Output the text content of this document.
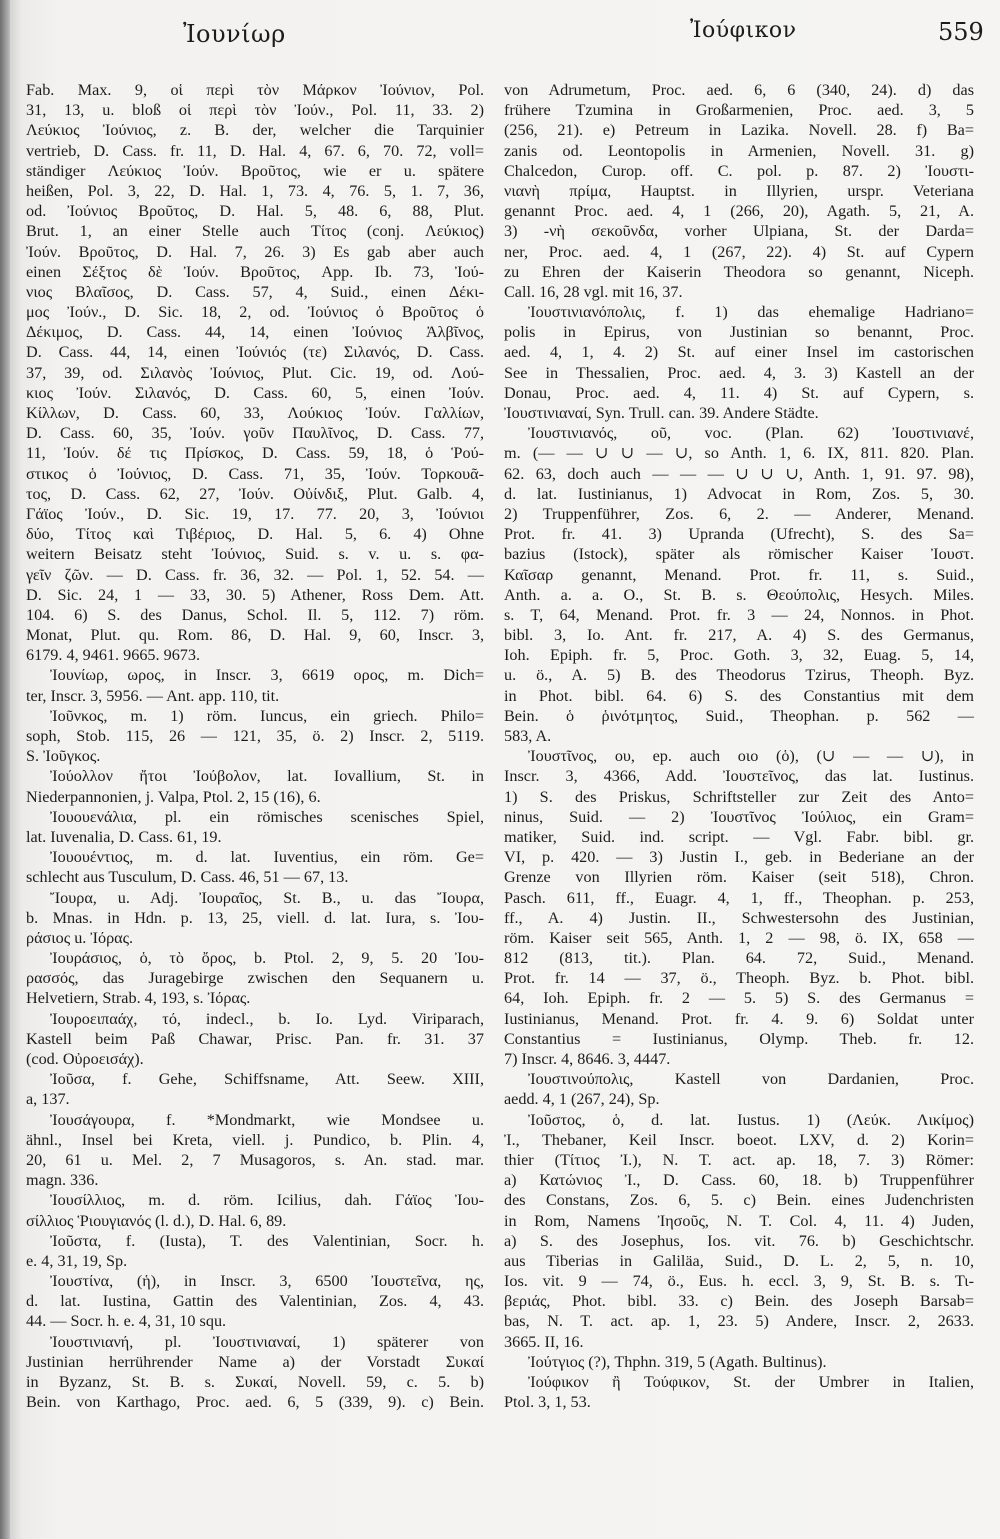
Ἰουνίωρ	Ἰούφικον	559
Fab. Max. 9, οἱ περὶ τὸν Μάρκον Ἰούνιον, Pol.
31, 13, u. bloß οἱ περὶ τὸν Ἰούν., Pol. 11, 33. 2)
Λεύκιος Ἰούνιος, z. B. der, welcher die Tarquinier
vertrieb, D. Cass. fr. 11, D. Hal. 4, 67. 6, 70. 72, voll=
ständiger Λεύκιος Ἰούν. Βροῦτος, wie er u. spätere
heißen, Pol. 3, 22, D. Hal. 1, 73. 4, 76. 5, 1. 7, 36,
od. Ἰούνιος Βροῦτος, D. Hal. 5, 48. 6, 88, Plut.
Brut. 1, an einer Stelle auch Τίτος (conj. Λεύκιος)
Ἰούν. Βροῦτος, D. Hal. 7, 26. 3) Es gab aber auch
einen Σέξτος δὲ Ἰούν. Βροῦτος, App. Ib. 73, Ἰού-
νιος Βλαῖσος, D. Cass. 57, 4, Suid., einen Δέκι-
μος Ἰούν., D. Sic. 18, 2, od. Ἰούνιος ὁ Βροῦτος ὁ
Δέκιμος, D. Cass. 44, 14, einen Ἰούνιος Ἀλβῖνος,
D. Cass. 44, 14, einen Ἰούνιός (τε) Σιλανός, D. Cass.
37, 39, od. Σιλανὸς Ἰούνιος, Plut. Cic. 19, od. Λού-
κιος Ἰούν. Σιλανός, D. Cass. 60, 5, einen Ἰούν.
Κίλλων, D. Cass. 60, 33, Λούκιος Ἰούν. Γαλλίων,
D. Cass. 60, 35, Ἰούν. γοῦν Παυλῖνος, D. Cass. 77,
11, Ἰούν. δέ τις Πρίσκος, D. Cass. 59, 18, ὁ Ῥού-
στικος ὁ Ἰούνιος, D. Cass. 71, 35, Ἰούν. Τορκουᾶ-
τος, D. Cass. 62, 27, Ἰούν. Οὐίνδιξ, Plut. Galb. 4,
Γάϊος Ἰούν., D. Sic. 19, 17. 77. 20, 3, Ἰούνιοι
δύο, Τίτος καὶ Τιβέριος, D. Hal. 5, 6. 4) Ohne
weitern Beisatz steht Ἰούνιος, Suid. s. v. u. s. φα-
γεῖν ζῶν. — D. Cass. fr. 36, 32. — Pol. 1, 52. 54. —
D. Sic. 24, 1 — 33, 30. 5) Athener, Ross Dem. Att.
104. 6) S. des Danus, Schol. Il. 5, 112. 7) röm.
Monat, Plut. qu. Rom. 86, D. Hal. 9, 60, Inscr. 3,
6179. 4, 9461. 9665. 9673.
Ἰουνίωρ, ωρος, in Inscr. 3, 6619 ορος, m. Dich=
ter, Inscr. 3, 5956. — Ant. app. 110, tit.
Ἰοῦνκος, m. 1) röm. Iuncus, ein griech. Philo=
soph, Stob. 115, 26 — 121, 35, ö. 2) Inscr. 2, 5119.
S. Ἰοῦγκος.
Ἰούολλον ἤτοι Ἰούβολον, lat. Iovallium, St. in
Niederpannonien, j. Valpa, Ptol. 2, 15 (16), 6.
Ἰουουενάλια, pl. ein römisches scenisches Spiel,
lat. Iuvenalia, D. Cass. 61, 19.
Ἰουουέντιος, m. d. lat. Iuventius, ein röm. Ge=
schlecht aus Tusculum, D. Cass. 46, 51 — 67, 13.
Ἴουρα, u. Adj. Ἰουραῖος, St. B., u. das Ἴουρα,
b. Mnas. in Hdn. p. 13, 25, viell. d. lat. Iura, s. Ἰου-
ράσιος u. Ἰόρας.
Ἰουράσιος, ὁ, τὸ ὄρος, b. Ptol. 2, 9, 5. 20 Ἰου-
ρασσός, das Juragebirge zwischen den Sequanern u.
Helvetiern, Strab. 4, 193, s. Ἰόρας.
Ἰουροειπαάχ, τό, indecl., b. Io. Lyd. Viriparach,
Kastell beim Paß Chawar, Prisc. Pan. fr. 31. 37
(cod. Οὐροεισάχ).
Ἰοῦσα, f. Gehe, Schiffsname, Att. Seew. XIII,
a, 137.
Ἰουσάγουρα, f. *Mondmarkt, wie Mondsee u.
ähnl., Insel bei Kreta, viell. j. Pundico, b. Plin. 4,
20, 61 u. Mel. 2, 7 Musagoros, s. An. stad. mar.
magn. 336.
Ἰουσίλλιος, m. d. röm. Icilius, dah. Γάϊος Ἰου-
σίλλιος Ῥιουγιανός (l. d.), D. Hal. 6, 89.
Ἰοῦστα, f. (Iusta), T. des Valentinian, Socr. h.
e. 4, 31, 19, Sp.
Ἰουστίνα, (ἡ), in Inscr. 3, 6500 Ἰουστεῖνα, ης,
d. lat. Iustina, Gattin des Valentinian, Zos. 4, 43.
44. — Socr. h. e. 4, 31, 10 squ.
Ἰουστινιανή, pl. Ἰουστινιαναί, 1) späterer von
Justinian herrührender Name a) der Vorstadt Συκαί
in Byzanz, St. B. s. Συκαί, Novell. 59, c. 5. b)
Bein. von Karthago, Proc. aed. 6, 5 (339, 9). c) Bein.
von Adrumetum, Proc. aed. 6, 6 (340, 24). d) das
frühere Tzumina in Großarmenien, Proc. aed. 3, 5
(256, 21). e) Petreum in Lazika. Novell. 28. f) Ba=
zanis od. Leontopolis in Armenien, Novell. 31. g)
Chalcedon, Curop. off. C. pol. p. 87. 2) Ἰουστι-
νιανὴ πρίμα, Hauptst. in Illyrien, urspr. Veteriana
genannt Proc. aed. 4, 1 (266, 20), Agath. 5, 21, A.
3) -νὴ σεκοῦνδα, vorher Ulpiana, St. der Darda=
ner, Proc. aed. 4, 1 (267, 22). 4) St. auf Cypern
zu Ehren der Kaiserin Theodora so genannt, Niceph.
Call. 16, 28 vgl. mit 16, 37.
Ἰουστινιανόπολις, f. 1) das ehemalige Hadriano=
polis in Epirus, von Justinian so benannt, Proc.
aed. 4, 1, 4. 2) St. auf einer Insel im castorischen
See in Thessalien, Proc. aed. 4, 3. 3) Kastell an der
Donau, Proc. aed. 4, 11. 4) St. auf Cypern, s.
Ἰουστινιαναί, Syn. Trull. can. 39. Andere Städte.
Ἰουστινιανός, οῦ, voc. (Plan. 62) Ἰουστινιανέ,
m. (— — ∪ ∪ — ∪, so Anth. 1, 6. IX, 811. 820. Plan.
62. 63, doch auch — — — ∪ ∪ ∪, Anth. 1, 91. 97. 98),
d. lat. Iustinianus, 1) Advocat in Rom, Zos. 5, 30.
2) Truppenführer, Zos. 6, 2. — Anderer, Menand.
Prot. fr. 41. 3) Upranda (Ufrecht), S. des Sa=
bazius (Istock), später als römischer Kaiser Ἰουστ.
Καῖσαρ genannt, Menand. Prot. fr. 11, s. Suid.,
Anth. a. a. O., St. B. s. Θεούπολις, Hesych. Miles.
s. T, 64, Menand. Prot. fr. 3 — 24, Nonnos. in Phot.
bibl. 3, Io. Ant. fr. 217, A. 4) S. des Germanus,
Ioh. Epiph. fr. 5, Proc. Goth. 3, 32, Euag. 5, 14,
u. ö., A. 5) B. des Theodorus Tzirus, Theoph. Byz.
in Phot. bibl. 64. 6) S. des Constantius mit dem
Bein. ὁ ῥινότμητος, Suid., Theophan. p. 562 —
583, A.
Ἰουστῖνος, ου, ep. auch οιο (ὁ), (∪ — — ∪), in
Inscr. 3, 4366, Add. Ἰουστεῖνος, das lat. Iustinus.
1) S. des Priskus, Schriftsteller zur Zeit des Anto=
ninus, Suid. — 2) Ἰουστῖνος Ἰούλιος, ein Gram=
matiker, Suid. ind. script. — Vgl. Fabr. bibl. gr.
VI, p. 420. — 3) Justin I., geb. in Bederiane an der
Grenze von Illyrien röm. Kaiser (seit 518), Chron.
Pasch. 611, ff., Euagr. 4, 1, ff., Theophan. p. 253,
ff., A. 4) Justin. II., Schwestersohn des Justinian,
röm. Kaiser seit 565, Anth. 1, 2 — 98, ö. IX, 658 —
812 (813, tit.). Plan. 64. 72, Suid., Menand.
Prot. fr. 14 — 37, ö., Theoph. Byz. b. Phot. bibl.
64, Ioh. Epiph. fr. 2 — 5. 5) S. des Germanus =
Iustinianus, Menand. Prot. fr. 4. 9. 6) Soldat unter
Constantius = Iustinianus, Olymp. Theb. fr. 12.
7) Inscr. 4, 8646. 3, 4447.
Ἰουστινούπολις, Kastell von Dardanien, Proc.
aedd. 4, 1 (267, 24), Sp.
Ἰοῦστος, ὁ, d. lat. Iustus. 1) (Λεύκ. Λικίμος)
Ἰ., Thebaner, Keil Inscr. boeot. LXV, d. 2) Korin=
thier (Τίτιος Ἰ.), N. T. act. ap. 18, 7. 3) Römer:
a) Κατώνιος Ἰ., D. Cass. 60, 18. b) Truppenführer
des Constans, Zos. 6, 5. c) Bein. eines Judenchristen
in Rom, Namens Ἰησοῦς, N. T. Col. 4, 11. 4) Juden,
a) S. des Josephus, Ios. vit. 76. b) Geschichtschr.
aus Tiberias in Galiläa, Suid., D. L. 2, 5, n. 10,
Ios. vit. 9 — 74, ö., Eus. h. eccl. 3, 9, St. B. s. Τι-
βεριάς, Phot. bibl. 33. c) Bein. des Joseph Barsab=
bas, N. T. act. ap. 1, 23. 5) Andere, Inscr. 2, 2633.
3665. II, 16.
Ἰούτγιος (?), Thphn. 319, 5 (Agath. Bultinus).
Ἰούφικον ἢ Τούφικον, St. der Umbrer in Italien,
Ptol. 3, 1, 53.
